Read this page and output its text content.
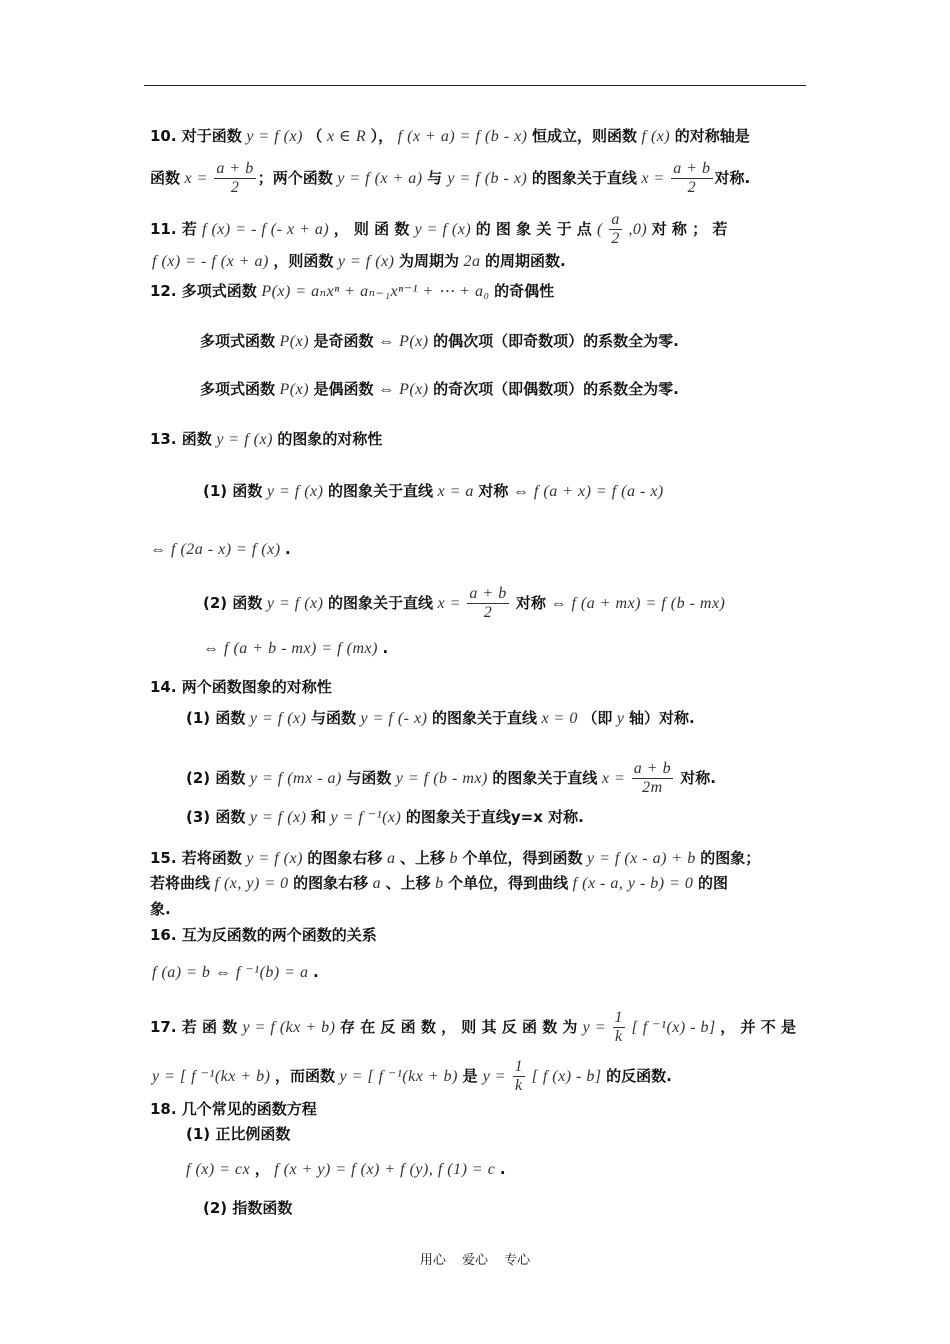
10. 对于函数 y = f (x) （ x ∈ R ）， f (x + a) = f (b - x) 恒成立，则函数 f (x) 的对称轴是
函数 $x = \frac{a + b}{2}$ ；两个函数 y = f (x + a) 与 y = f (b - x) 的图象关于直线 $x = \frac{a + b}{2}$ 对称.
11. 若 f (x) = - f (- x + a) ， 则 函 数 y = f (x) 的 图 象 关 于 点 ( $\frac{a}{2} ,0$) 对 称 ； 若
f (x) = - f (x + a) ，则函数 y = f (x) 为周期为 2a 的周期函数.
12. 多项式函数 P(x) = aₙxⁿ + aₙ₋₁xⁿ⁻¹ + ⋯ + a₀ 的奇偶性
多项式函数 P(x) 是奇函数 ⇔ P(x) 的偶次项（即奇数项）的系数全为零.
多项式函数 P(x) 是偶函数 ⇔ P(x) 的奇次项（即偶数项）的系数全为零.
13. 函数 y = f (x) 的图象的对称性
(1) 函数 y = f (x) 的图象关于直线 x = a 对称 ⇔ f (a + x) = f (a - x)
⇔ f (2a - x) = f (x) .
(2) 函数 y = f (x) 的图象关于直线 $x = \frac{a + b}{2}$ 对称 ⇔ f (a + mx) = f (b - mx)
⇔ f (a + b - mx) = f (mx) .
14. 两个函数图象的对称性
(1) 函数 y = f (x) 与函数 y = f (- x) 的图象关于直线 x = 0 （即 y 轴）对称.
(2) 函数 y = f (mx - a) 与函数 y = f (b - mx) 的图象关于直线 $x = \frac{a + b}{2m}$ 对称.
(3) 函数 y = f (x) 和 y = f ⁻¹(x) 的图象关于直线y=x 对称.
15. 若将函数 y = f (x) 的图象右移 a 、上移 b 个单位，得到函数 y = f (x - a) + b 的图象；
若将曲线 f (x, y) = 0 的图象右移 a 、上移 b 个单位，得到曲线 f (x - a, y - b) = 0 的图
象.
16. 互为反函数的两个函数的关系
f (a) = b ⇔ f ⁻¹(b) = a .
17. 若 函 数 y = f (kx + b) 存 在 反 函 数 ， 则 其 反 函 数 为 $y = \frac{1}{k}$ [ f ⁻¹(x) - b] ， 并 不 是
y = [ f ⁻¹(kx + b) ，而函数 y = [ f ⁻¹(kx + b) 是 $y = \frac{1}{k}$ [ f (x) - b] 的反函数.
18. 几个常见的函数方程
(1) 正比例函数
f (x) = cx ， f (x + y) = f (x) + f (y), f (1) = c .
(2) 指数函数
用心 爱心 专心
